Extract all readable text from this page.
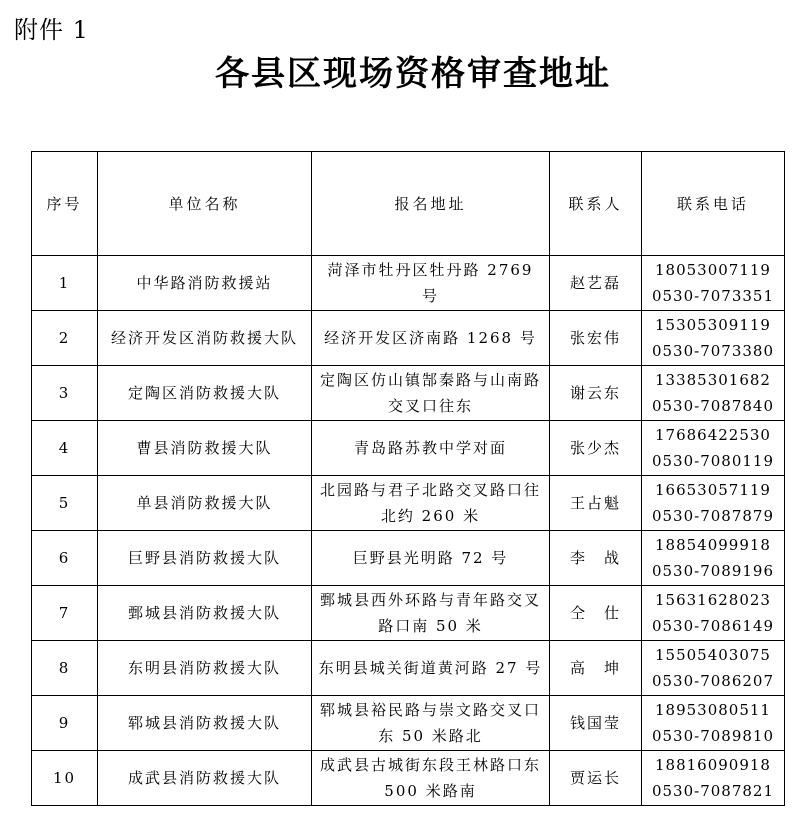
附件 1
各县区现场资格审查地址
序号	单位名称	报名地址	联系人	联系电话
1	中华路消防救援站	菏泽市牡丹区牡丹路 2769 号	赵艺磊	18053007119
0530-7073351

2	经济开发区消防救援大队	经济开发区济南路 1268 号	张宏伟	15305309119
0530-7073380

3	定陶区消防救援大队	定陶区仿山镇郜秦路与山南路交叉口往东	谢云东	13385301682
0530-7087840

4	曹县消防救援大队	青岛路苏教中学对面	张少杰	17686422530
0530-7080119

5	单县消防救援大队	北园路与君子北路交叉路口往北约 260 米	王占魁	16653057119
0530-7087879

6	巨野县消防救援大队	巨野县光明路 72 号	李　战	18854099918
0530-7089196

7	鄄城县消防救援大队	鄄城县西外环路与青年路交叉路口南 50 米	仝　仕	15631628023
0530-7086149

8	东明县消防救援大队	东明县城关街道黄河路 27 号	高　坤	15505403075
0530-7086207

9	郓城县消防救援大队	郓城县裕民路与崇文路交叉口东 50 米路北	钱国莹	18953080511
0530-7089810

10	成武县消防救援大队	成武县古城街东段王林路口东 500 米路南	贾运长	18816090918
0530-7087821
